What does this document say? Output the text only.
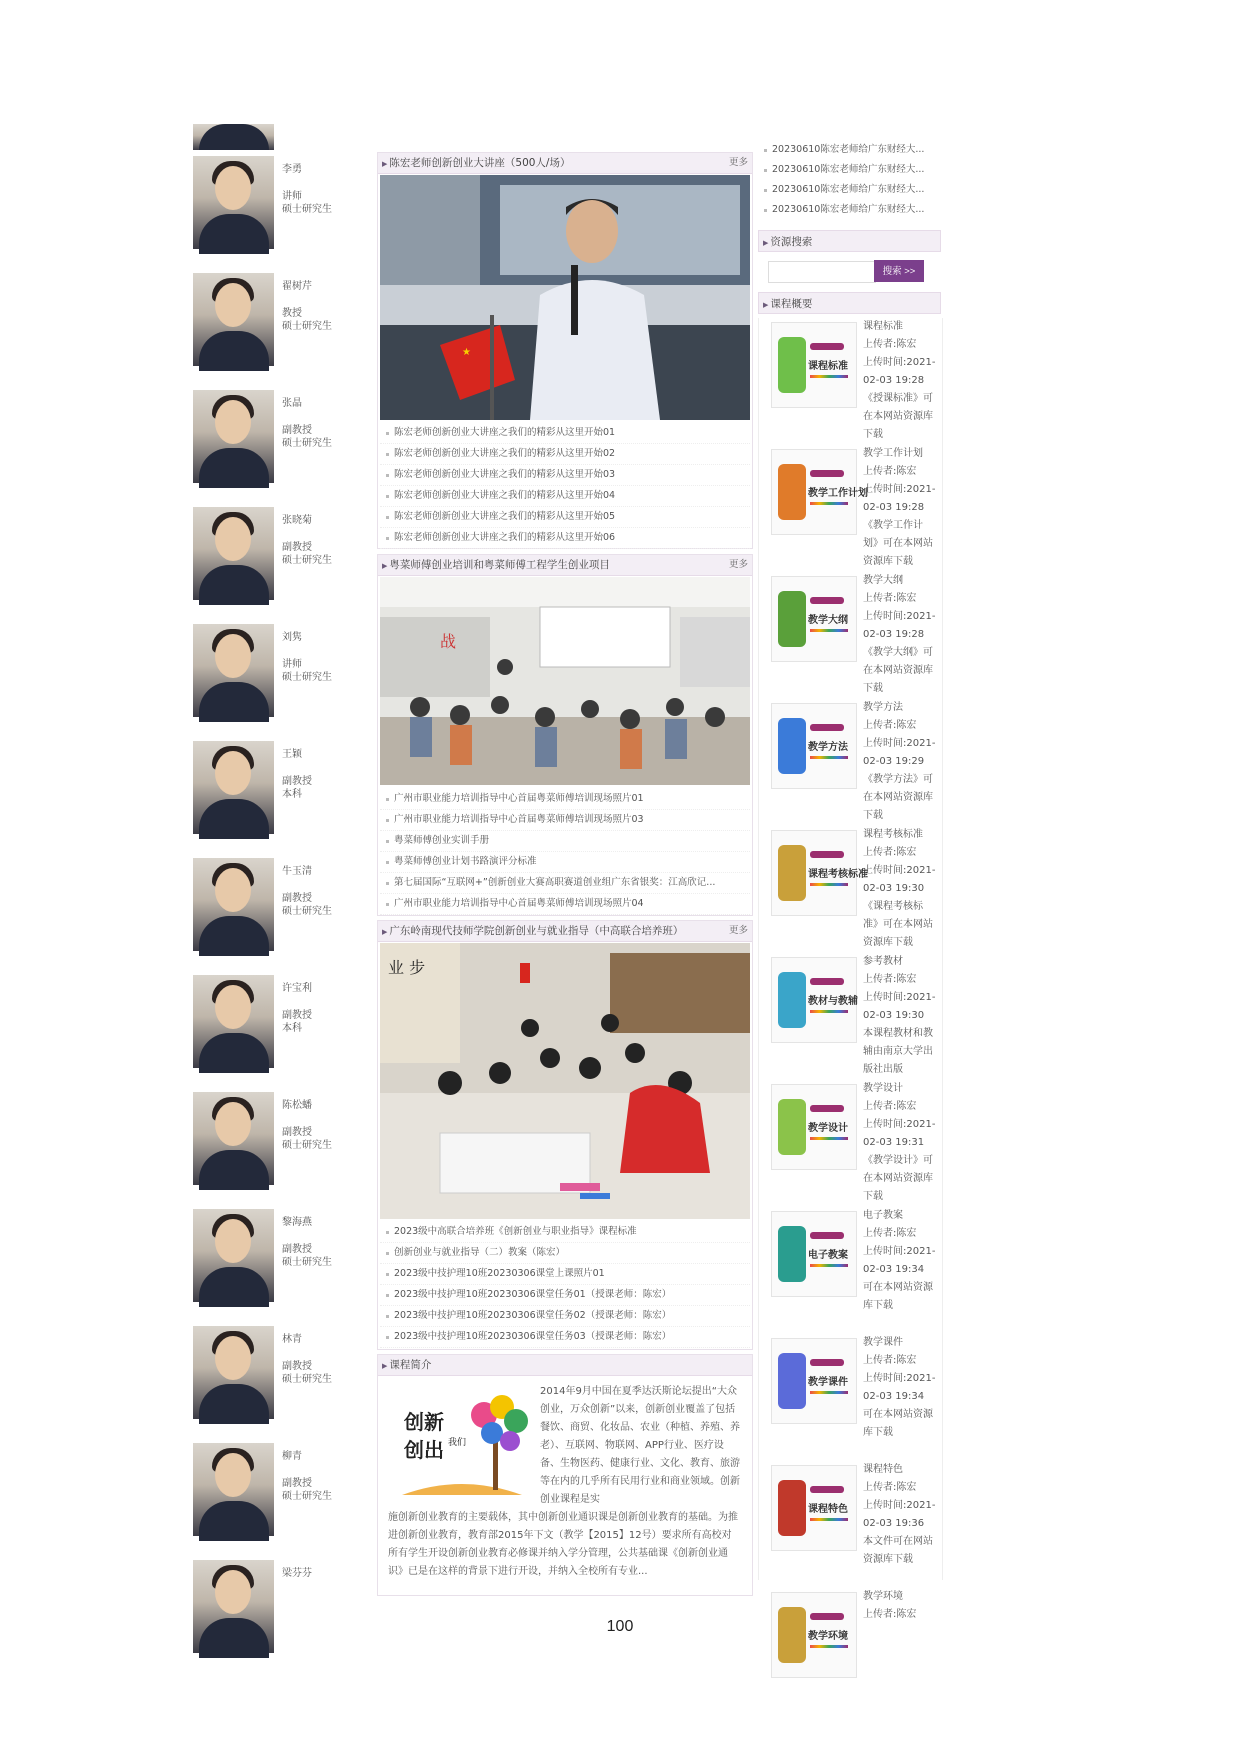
李勇
讲师
硕士研究生
翟树芹
教授
硕士研究生
张晶
副教授
硕士研究生
张晓菊
副教授
硕士研究生
刘隽
讲师
硕士研究生
王颖
副教授
本科
牛玉清
副教授
硕士研究生
许宝利
副教授
本科
陈松蟠
副教授
硕士研究生
黎海燕
副教授
硕士研究生
林青
副教授
硕士研究生
柳青
副教授
硕士研究生
梁芬芬

▶ 陈宏老师创新创业大讲座（500人/场）	更多
★
陈宏老师创新创业大讲座之我们的精彩从这里开始01
陈宏老师创新创业大讲座之我们的精彩从这里开始02
陈宏老师创新创业大讲座之我们的精彩从这里开始03
陈宏老师创新创业大讲座之我们的精彩从这里开始04
陈宏老师创新创业大讲座之我们的精彩从这里开始05
陈宏老师创新创业大讲座之我们的精彩从这里开始06
▶ 粤菜师傅创业培训和粤菜师傅工程学生创业项目	更多
战
广州市职业能力培训指导中心首届粤菜师傅培训现场照片01
广州市职业能力培训指导中心首届粤菜师傅培训现场照片03
粤菜师傅创业实训手册
粤菜师傅创业计划书路演评分标准
第七届国际“互联网+”创新创业大赛高职赛道创业组广东省银奖：江高欣记...
广州市职业能力培训指导中心首届粤菜师傅培训现场照片04
▶ 广东岭南现代技师学院创新创业与就业指导（中高联合培养班）	更多
业 步
2023级中高联合培养班《创新创业与职业指导》课程标准
创新创业与就业指导（二）教案（陈宏）
2023级中技护理10班20230306课堂上课照片01
2023级中技护理10班20230306课堂任务01（授课老师：陈宏）
2023级中技护理10班20230306课堂任务02（授课老师：陈宏）
2023级中技护理10班20230306课堂任务03（授课老师：陈宏）
▶ 课程简介
创新
创出 我们
2014年9月中国在夏季达沃斯论坛提出“大众创业，万众创新”以来，创新创业覆盖了包括餐饮、商贸、化妆品、农业（种植、养殖、养老）、互联网、物联网、APP行业、医疗设备、生物医药、健康行业、文化、教育、旅游等在内的几乎所有民用行业和商业领域。创新创业课程是实
施创新创业教育的主要载体，其中创新创业通识课是创新创业教育的基础。为推进创新创业教育，教育部2015年下文（教学【2015】12号）要求所有高校对所有学生开设创新创业教育必修课并纳入学分管理，公共基础课《创新创业通识》已是在这样的背景下进行开设，并纳入全校所有专业...
20230610陈宏老师给广东财经大...
20230610陈宏老师给广东财经大...
20230610陈宏老师给广东财经大...
20230610陈宏老师给广东财经大...
▶ 资源搜索
搜索 >>
▶ 课程概要
课程标准
课程标准
上传者:陈宏
上传时间:2021-02-03 19:28
《授课标准》可在本网站资源库下载
教学工作计划
教学工作计划
上传者:陈宏
上传时间:2021-02-03 19:28
《教学工作计划》可在本网站资源库下载
教学大纲
教学大纲
上传者:陈宏
上传时间:2021-02-03 19:28
《教学大纲》可在本网站资源库下载
教学方法
教学方法
上传者:陈宏
上传时间:2021-02-03 19:29
《教学方法》可在本网站资源库下载
课程考核标准
课程考核标准
上传者:陈宏
上传时间:2021-02-03 19:30
《课程考核标准》可在本网站资源库下载
教材与教辅
参考教材
上传者:陈宏
上传时间:2021-02-03 19:30
本课程教材和教辅由南京大学出版社出版
教学设计
教学设计
上传者:陈宏
上传时间:2021-02-03 19:31
《教学设计》可在本网站资源库下载
电子教案
电子教案
上传者:陈宏
上传时间:2021-02-03 19:34
可在本网站资源库下载
教学课件
教学课件
上传者:陈宏
上传时间:2021-02-03 19:34
可在本网站资源库下载
课程特色
课程特色
上传者:陈宏
上传时间:2021-02-03 19:36
本文件可在网站资源库下载
教学环境
教学环境
上传者:陈宏
100
